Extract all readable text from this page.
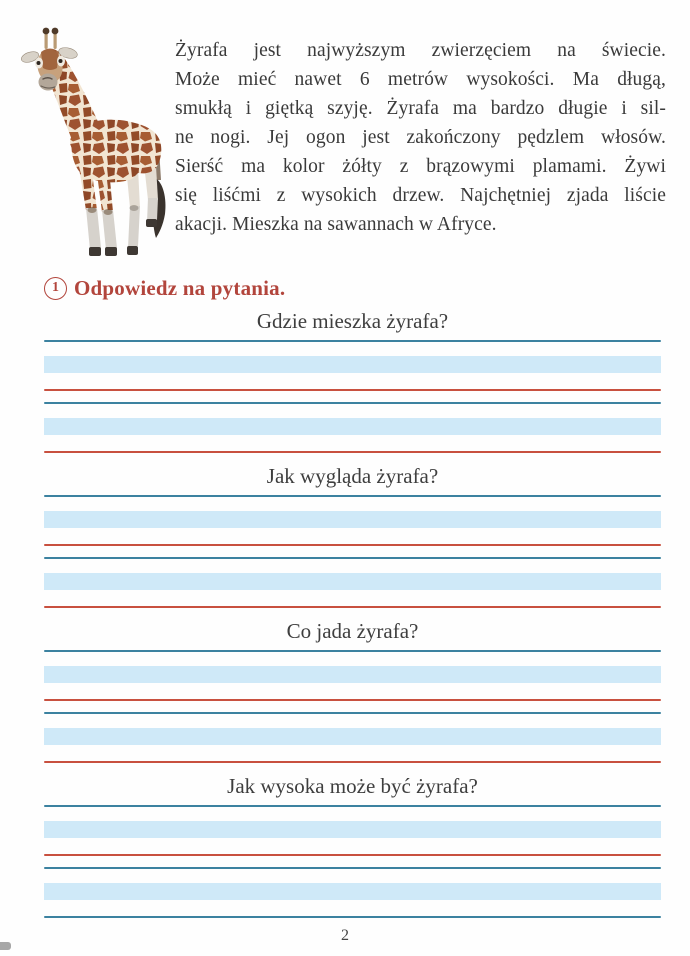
Żyrafa jest najwyższym zwierzęciem na świecie.
Może mieć nawet 6 metrów wysokości. Ma długą,
smukłą i giętką szyję. Żyrafa ma bardzo długie i sil-
ne nogi. Jej ogon jest zakończony pędzlem włosów.
Sierść ma kolor żółty z brązowymi plamami. Żywi
się liśćmi z wysokich drzew. Najchętniej zjada liście
akacji. Mieszka na sawannach w Afryce.
1 Odpowiedz na pytania.
Gdzie mieszka żyrafa?
Jak wygląda żyrafa?
Co jada żyrafa?
Jak wysoka może być żyrafa?
2
